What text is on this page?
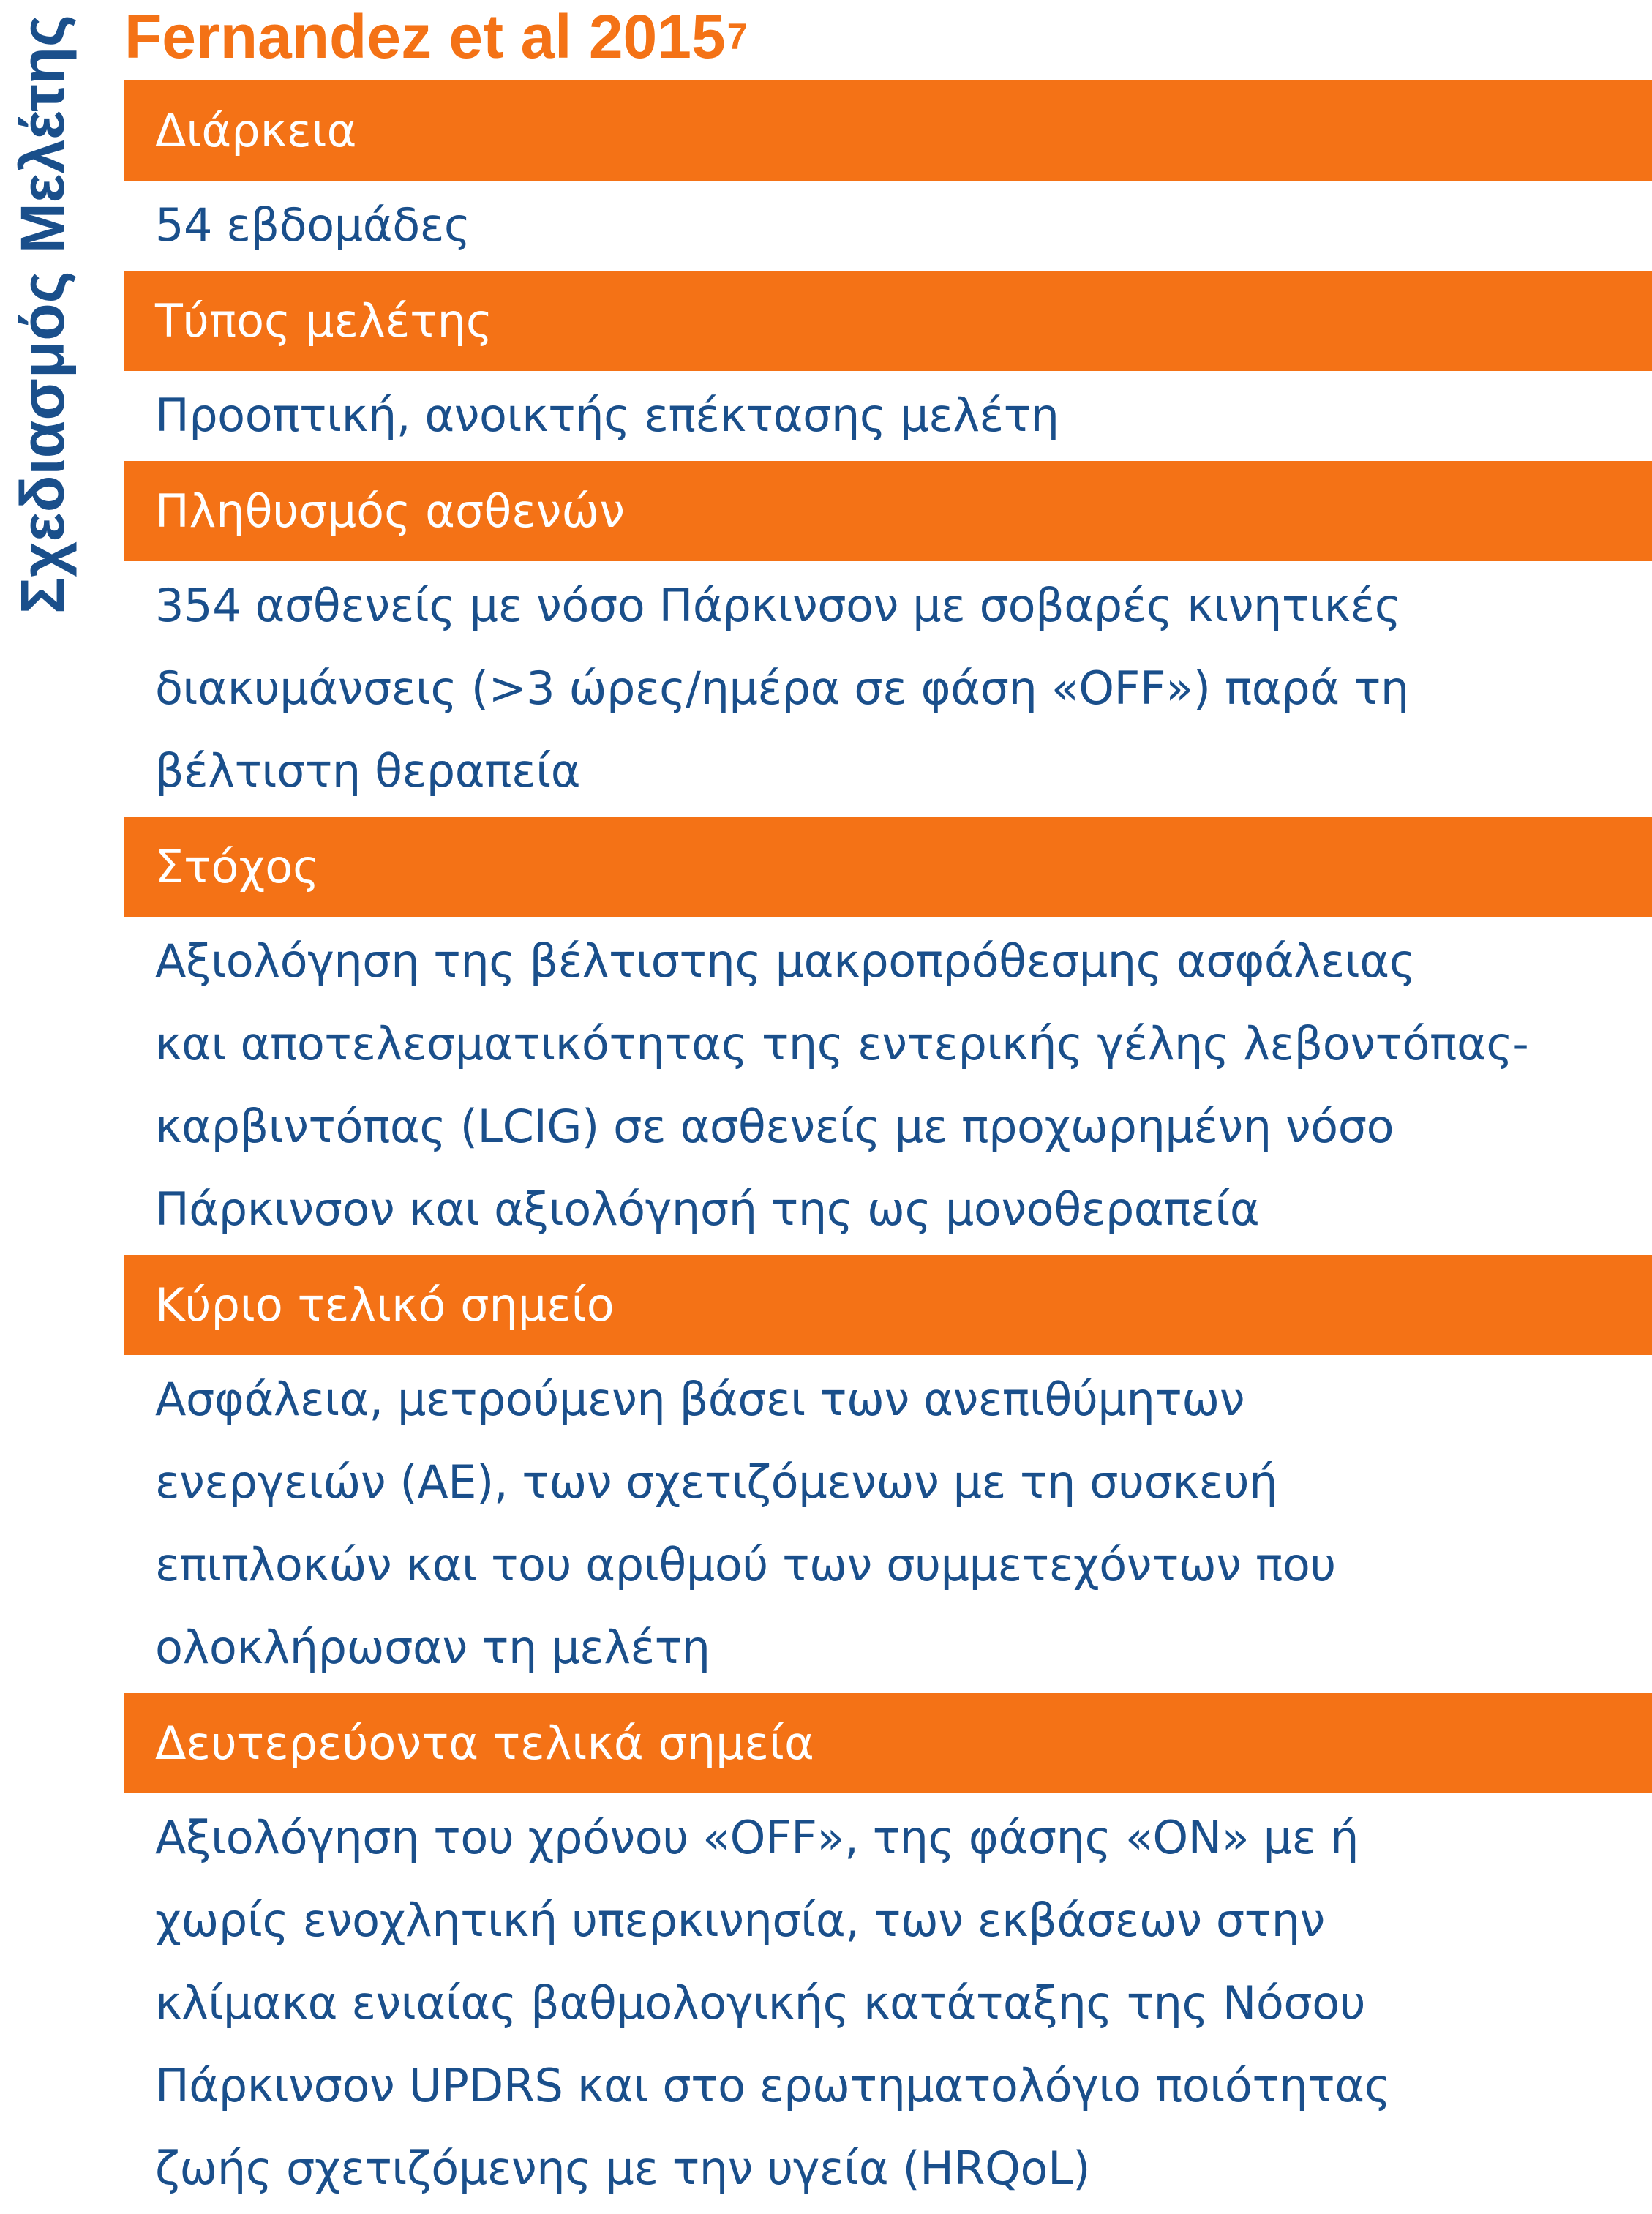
Σχεδιασμός Μελέτης Fernandez et al 2015$^7$
Διάρκεια
54 εβδομάδες
Τύπος μελέτης
Προοπτική, ανοικτής επέκτασης μελέτη
Πληθυσμός ασθενών
354 ασθενείς με νόσο Πάρκινσον με σοβαρές κινητικές
διακυμάνσεις (>3 ώρες/ημέρα σε φάση «OFF») παρά τη
βέλτιστη θεραπεία
Στόχος
Αξιολόγηση της βέλτιστης μακροπρόθεσμης ασφάλειας
και αποτελεσματικότητας της εντερικής γέλης λεβοντόπας-
καρβιντόπας (LCIG) σε ασθενείς με προχωρημένη νόσο
Πάρκινσον και αξιολόγησή της ως μονοθεραπεία
Κύριο τελικό σημείο
Ασφάλεια, μετρούμενη βάσει των ανεπιθύμητων
ενεργειών (AE), των σχετιζόμενων με τη συσκευή
επιπλοκών και του αριθμού των συμμετεχόντων που
ολοκλήρωσαν τη μελέτη
Δευτερεύοντα τελικά σημεία
Αξιολόγηση του χρόνου «OFF», της φάσης «ON» με ή
χωρίς ενοχλητική υπερκινησία, των εκβάσεων στην
κλίμακα ενιαίας βαθμολογικής κατάταξης της Νόσου
Πάρκινσον UPDRS και στο ερωτηματολόγιο ποιότητας
ζωής σχετιζόμενης με την υγεία (HRQoL)
